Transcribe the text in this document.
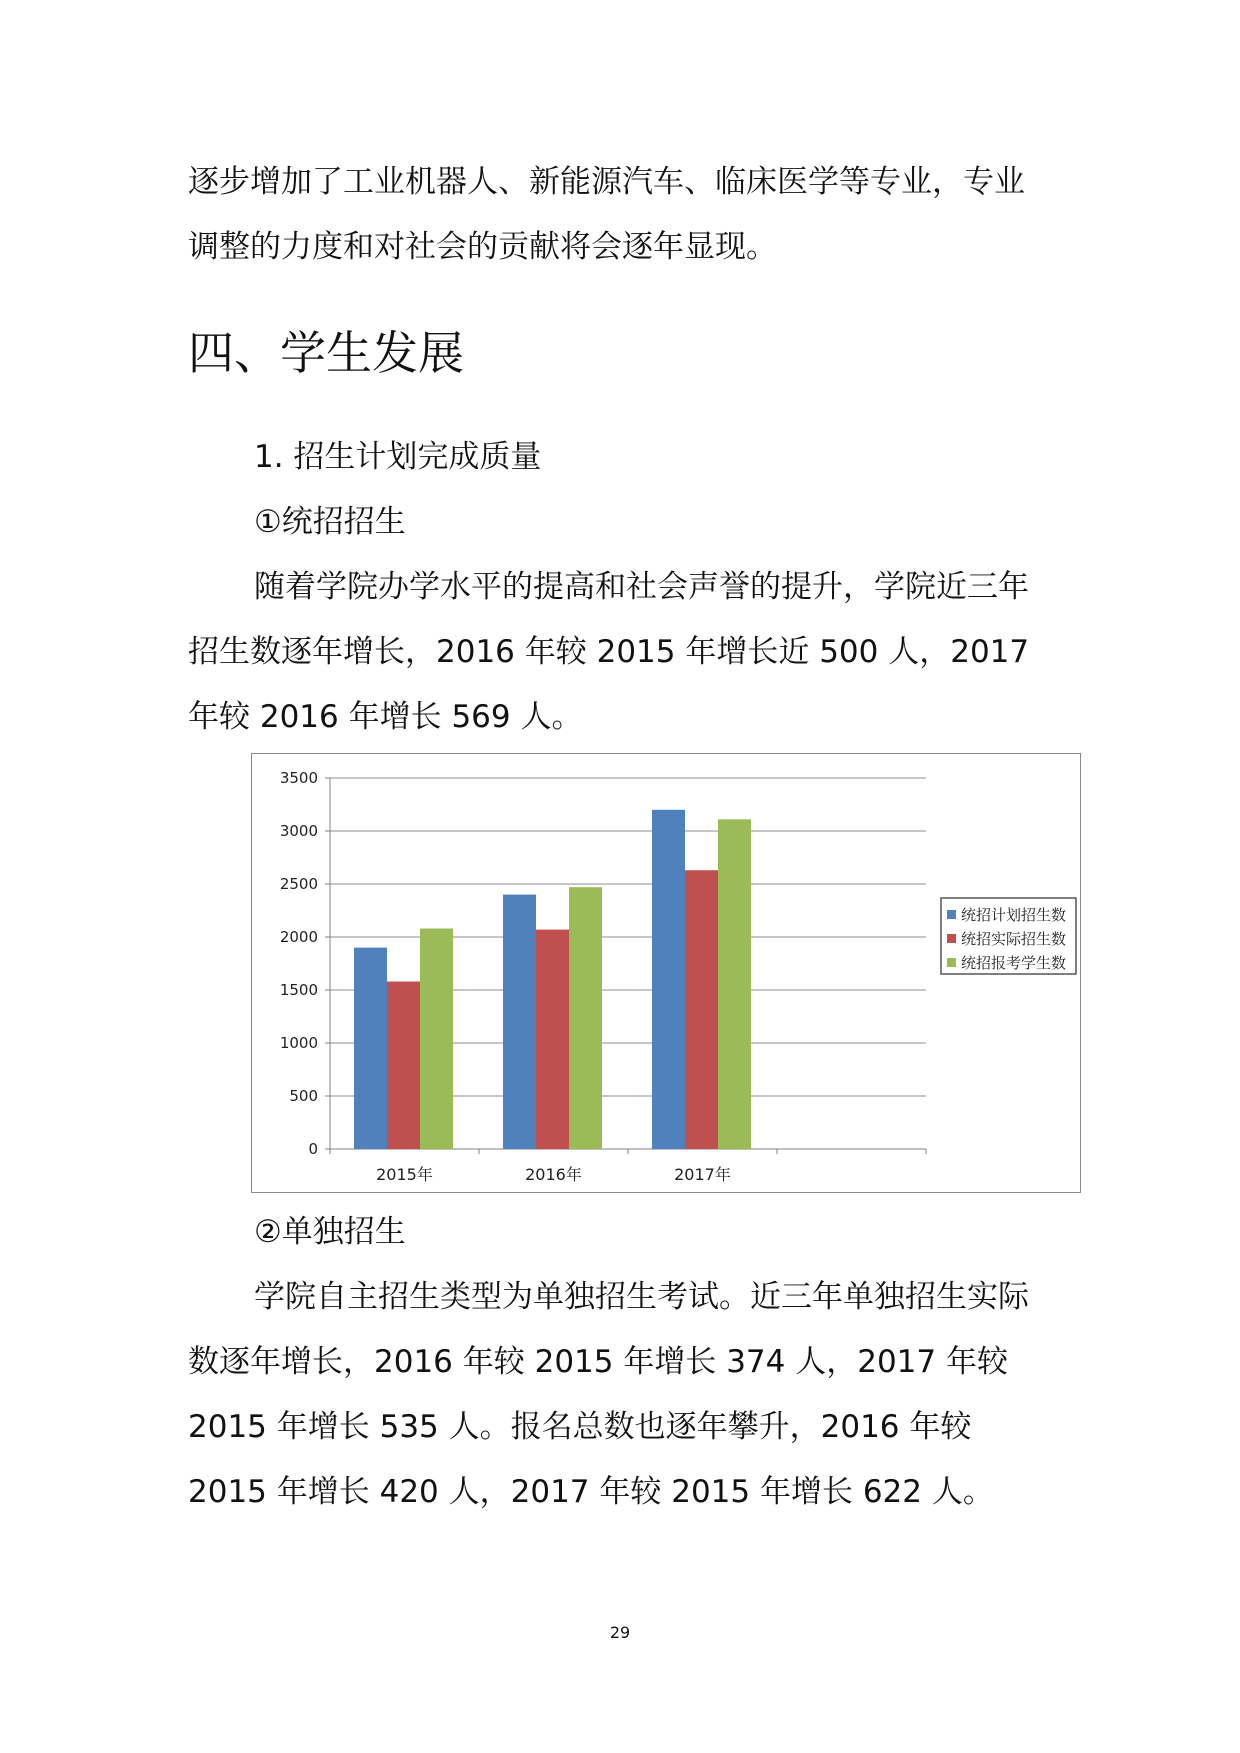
逐步增加了工业机器人、新能源汽车、临床医学等专业，专业调整的力度和对社会的贡献将会逐年显现。

四、学生发展

1. 招生计划完成质量

①统招招生

随着学院办学水平的提高和社会声誉的提升，学院近三年招生数逐年增长，2016 年较 2015 年增长近 500 人，2017 年较 2016 年增长 569 人。

0
500
1000
1500
2000
2500
3000
3500
2015年	2016年	2017年
统招计划招生数
统招实际招生数
统招报考学生数

②单独招生

学院自主招生类型为单独招生考试。近三年单独招生实际数逐年增长，2016 年较 2015 年增长 374 人，2017 年较 2015 年增长 535 人。报名总数也逐年攀升，2016 年较 2015 年增长 420 人，2017 年较 2015 年增长 622 人。

29
